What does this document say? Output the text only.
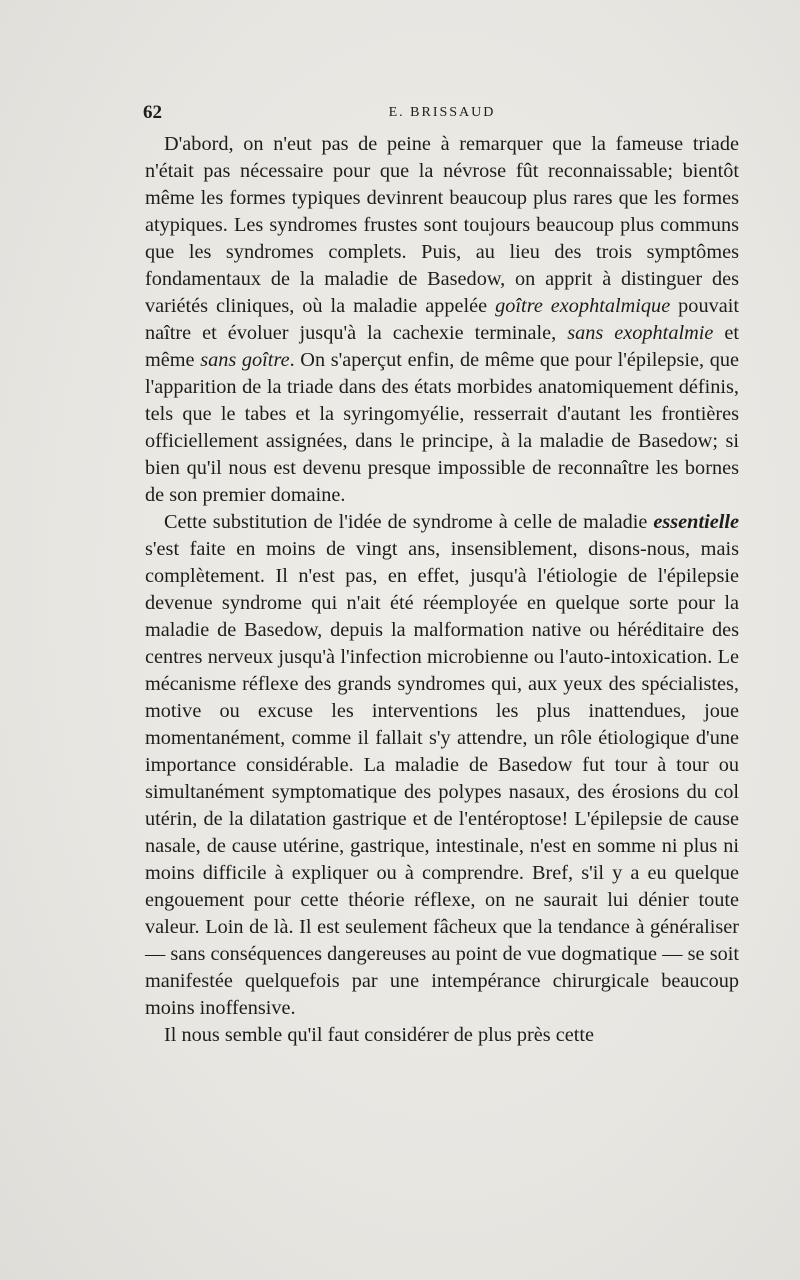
62	E. BRISSAUD

D'abord, on n'eut pas de peine à remarquer que la fameuse triade n'était pas nécessaire pour que la névrose fût reconnaissable; bientôt même les formes typiques devinrent beaucoup plus rares que les formes atypiques. Les syndromes frustes sont toujours beaucoup plus communs que les syndromes complets. Puis, au lieu des trois symptômes fondamentaux de la maladie de Basedow, on apprit à distinguer des variétés cliniques, où la maladie appelée goître exophtalmique pouvait naître et évoluer jusqu'à la cachexie terminale, sans exophtalmie et même sans goître. On s'aperçut enfin, de même que pour l'épilepsie, que l'apparition de la triade dans des états morbides anatomiquement définis, tels que le tabes et la syringomyélie, resserrait d'autant les frontières officiellement assignées, dans le principe, à la maladie de Basedow; si bien qu'il nous est devenu presque impossible de reconnaître les bornes de son premier domaine.

Cette substitution de l'idée de syndrome à celle de maladie essentielle s'est faite en moins de vingt ans, insensiblement, disons-nous, mais complètement. Il n'est pas, en effet, jusqu'à l'étiologie de l'épilepsie devenue syndrome qui n'ait été réemployée en quelque sorte pour la maladie de Basedow, depuis la malformation native ou héréditaire des centres nerveux jusqu'à l'infection microbienne ou l'auto-intoxication. Le mécanisme réflexe des grands syndromes qui, aux yeux des spécialistes, motive ou excuse les interventions les plus inattendues, joue momentanément, comme il fallait s'y attendre, un rôle étiologique d'une importance considérable. La maladie de Basedow fut tour à tour ou simultanément symptomatique des polypes nasaux, des érosions du col utérin, de la dilatation gastrique et de l'entéroptose! L'épilepsie de cause nasale, de cause utérine, gastrique, intestinale, n'est en somme ni plus ni moins difficile à expliquer ou à comprendre. Bref, s'il y a eu quelque engouement pour cette théorie réflexe, on ne saurait lui dénier toute valeur. Loin de là. Il est seulement fâcheux que la tendance à généraliser — sans conséquences dangereuses au point de vue dogmatique — se soit manifestée quelquefois par une intempérance chirurgicale beaucoup moins inoffensive.

Il nous semble qu'il faut considérer de plus près cette
